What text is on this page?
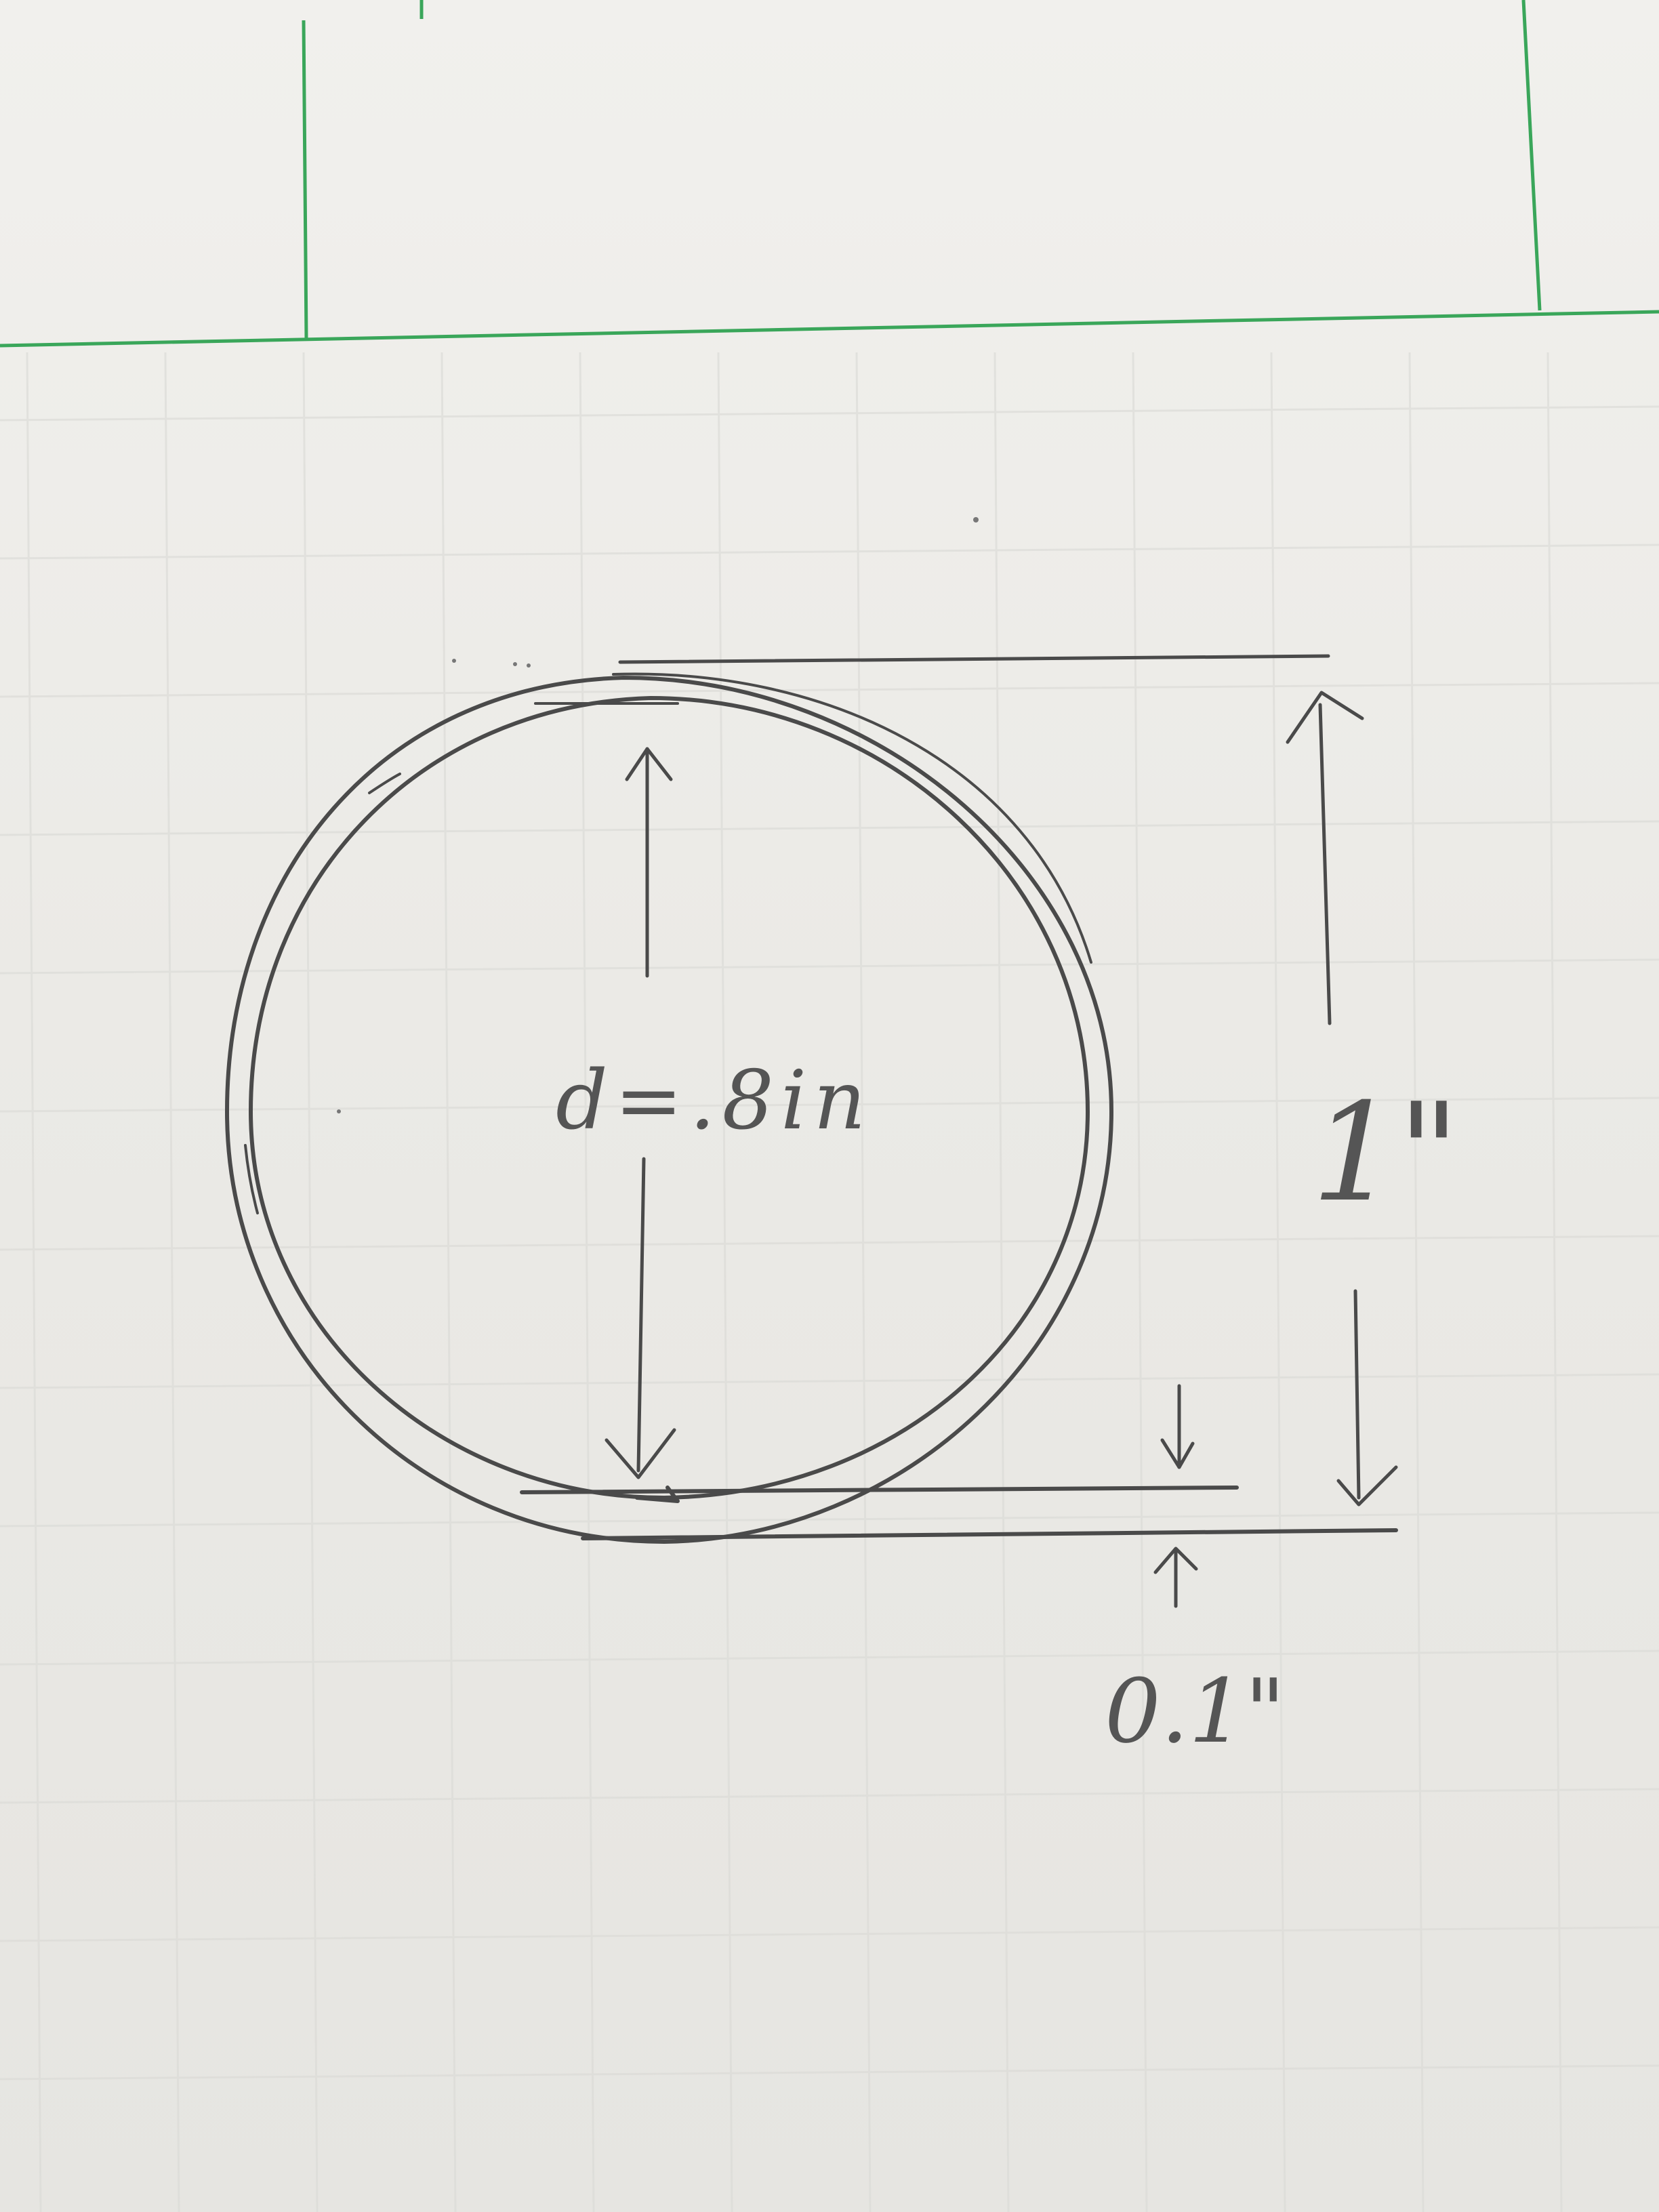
d=.8in	1"
0.1"
